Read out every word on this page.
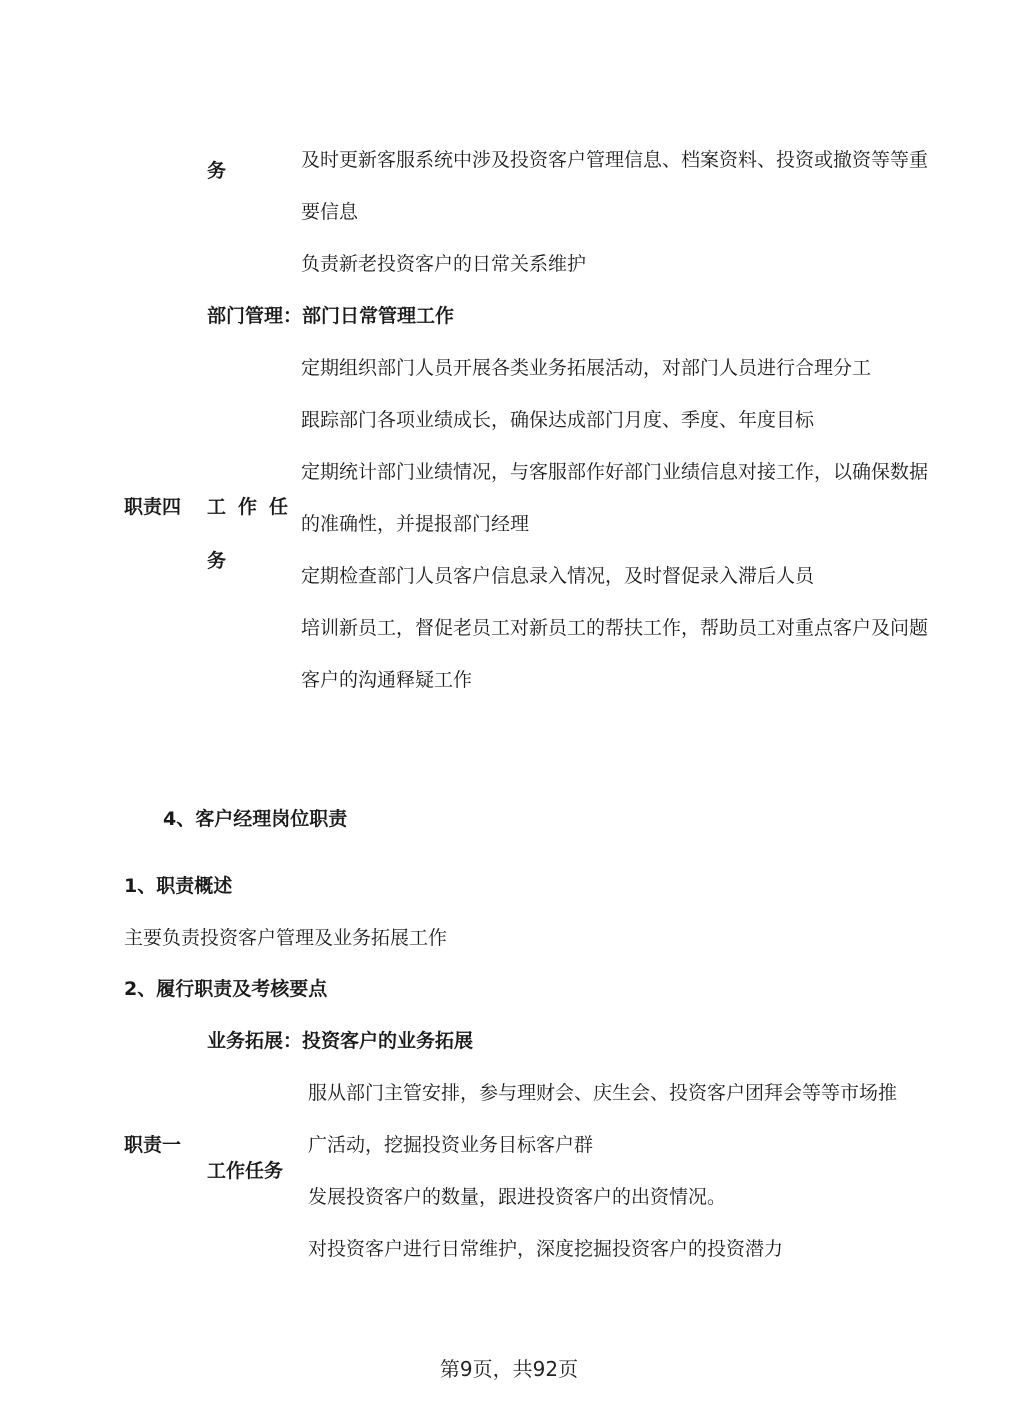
务	及时更新客服系统中涉及投资客户管理信息、档案资料、投资或撤资等等重
要信息
负责新老投资客户的日常关系维护
部门管理：部门日常管理工作
职责四 工作任
务
定期组织部门人员开展各类业务拓展活动，对部门人员进行合理分工
跟踪部门各项业绩成长，确保达成部门月度、季度、年度目标
定期统计部门业绩情况，与客服部作好部门业绩信息对接工作，以确保数据
的准确性，并提报部门经理
定期检查部门人员客户信息录入情况，及时督促录入滞后人员
培训新员工，督促老员工对新员工的帮扶工作，帮助员工对重点客户及问题
客户的沟通释疑工作
4、客户经理岗位职责
1、职责概述
主要负责投资客户管理及业务拓展工作
2、履行职责及考核要点
业务拓展：投资客户的业务拓展
职责一
工作任务
服从部门主管安排，参与理财会、庆生会、投资客户团拜会等等市场推
广活动，挖掘投资业务目标客户群
发展投资客户的数量，跟进投资客户的出资情况。
对投资客户进行日常维护，深度挖掘投资客户的投资潜力
第9页，共92页
